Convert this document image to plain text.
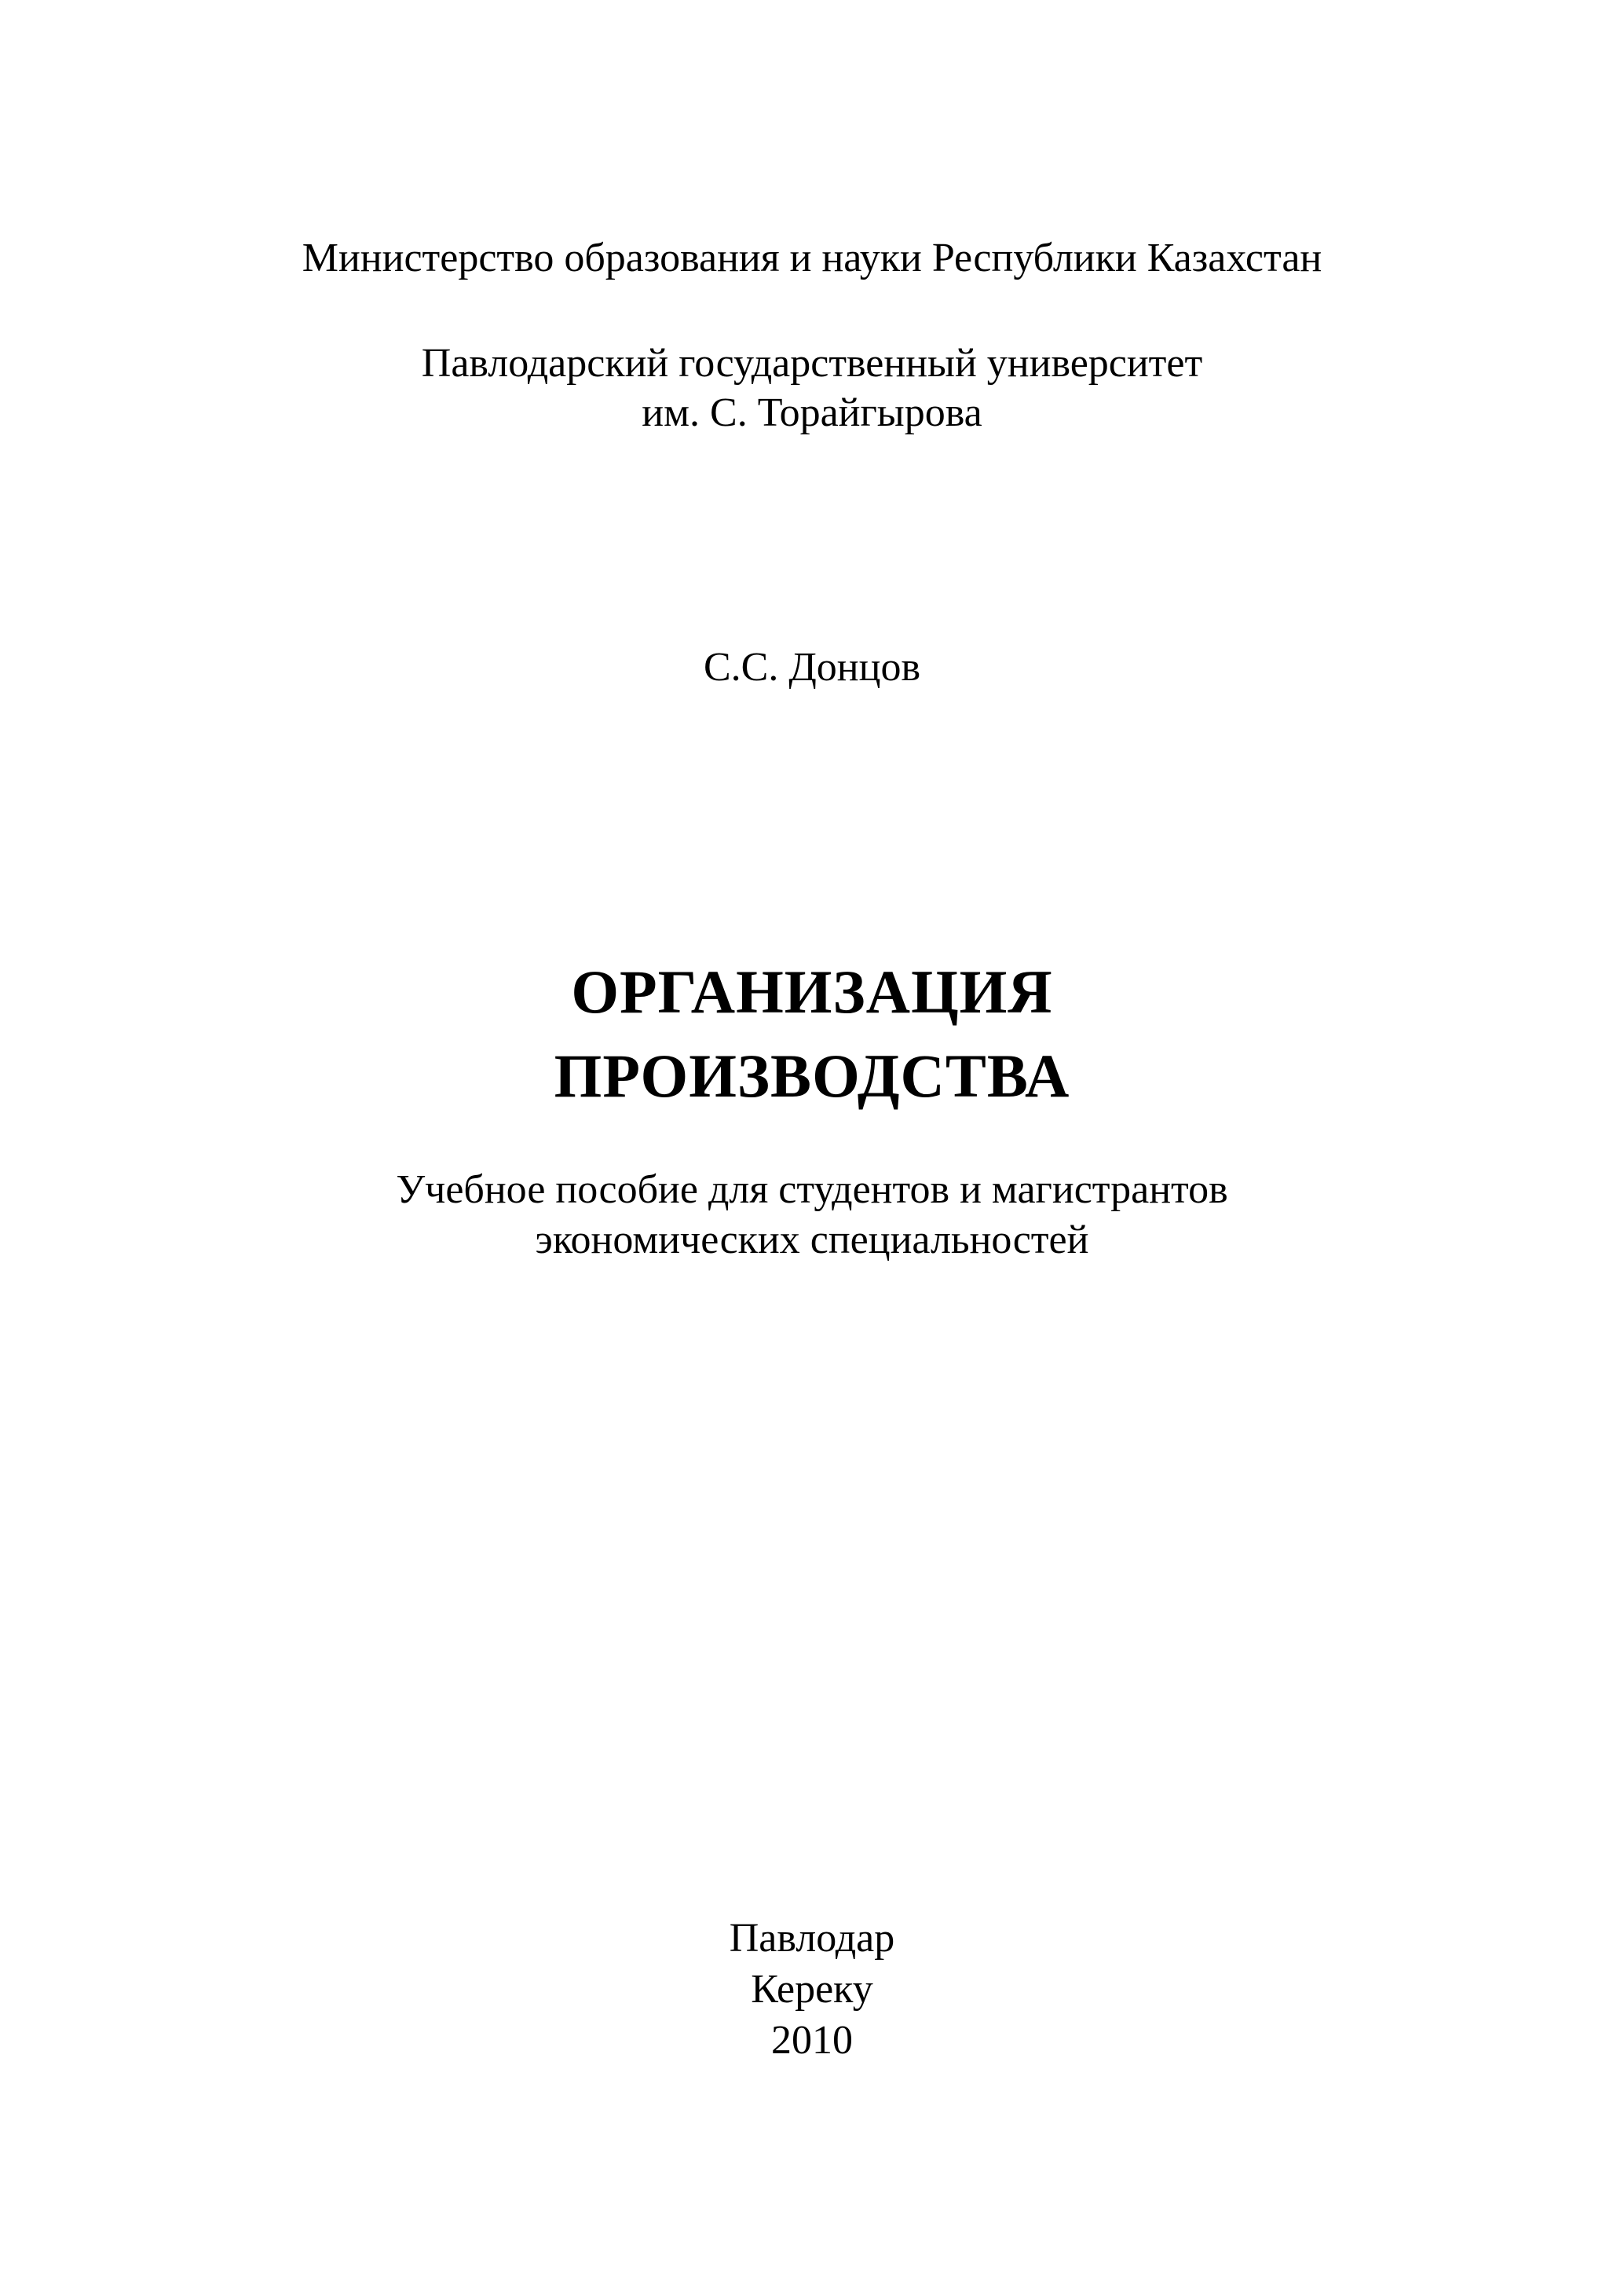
Министерство образования и науки Республики Казахстан
Павлодарский государственный университет
им. С. Торайгырова
С.С. Донцов
ОРГАНИЗАЦИЯ
ПРОИЗВОДСТВА
Учебное пособие для студентов и магистрантов
экономических специальностей
Павлодар
Кереку
2010
